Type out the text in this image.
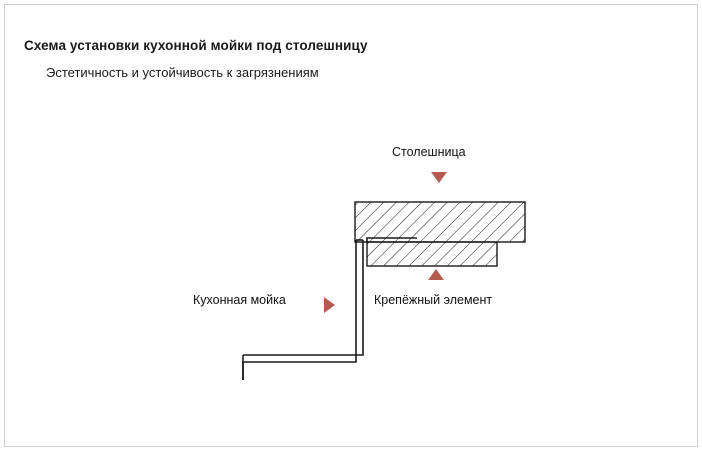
Схема установки кухонной мойки под столешницу
Эстетичность и устойчивость к загрязнениям
Столешница
Кухонная мойка	Крепёжный элемент
